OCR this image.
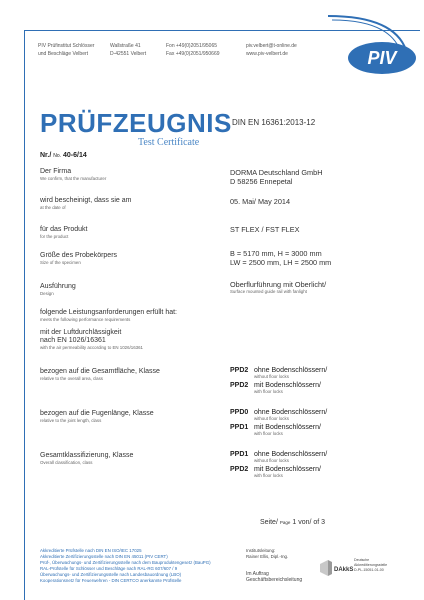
PIV Prüfinstitut Schlösser
und Beschläge Velbert
Wallstraße 41
D-42551 Velbert
Fon +49(0)2051/95065
Fax +49(0)2051/950669
piv.velbert@t-online.de
www.piv-velbert.de	PIV
PRÜFZEUGNIS DIN EN 16361:2013-12
Test Certificate
Nr./ No. 40-6/14
Der Firma
We confirm, that the manufacturer
DORMA Deutschland GmbH
D 58256 Ennepetal
wird bescheinigt, dass sie am
at the date of
05. Mai/ May 2014
für das Produkt
for the product
ST FLEX / FST FLEX
Größe des Probekörpers
Size of the specimen
B = 5170 mm, H = 3000 mm
LW = 2500 mm, LH = 2500 mm
Ausführung
Design
Oberflurführung mit Oberlicht/
Surface mounted guide rail with fanlight
folgende Leistungsanforderungen erfüllt hat:
meets the following performance requirements
mit der Luftdurchlässigkeit
nach EN 1026/16361
with the air permeability according to EN 1026/16361
bezogen auf die Gesamtfläche, Klasse
relative to the overall area, class
PPD2 ohne Bodenschlössern/
without floor locks
PPD2 mit Bodenschlössern/
with floor locks
bezogen auf die Fugenlänge, Klasse
relative to the joint length, class
PPD0 ohne Bodenschlössern/
without floor locks
PPD1 mit Bodenschlössern/
with floor locks
Gesamtklassifizierung, Klasse
Overall classification, class
PPD1 ohne Bodenschlössern/
without floor locks
PPD2 mit Bodenschlössern/
with floor locks
Seite/ Page 1 von/ of 3
Akkreditierte Prüfstelle nach DIN EN ISO/IEC 17025
Akkreditierte Zertifizierungsstelle nach DIN EN 45011 (PIV CERT)
Prüf-, Überwachungs- und Zertifizierungsstelle nach dem Bauproduktengesetz (BauPG)
RAL-Prüfstelle für Schlösser und Beschläge nach RAL-RG 607/607 / 9
Überwachungs- und Zertifizierungsstelle nach Landesbauordnung (LBO)
Kooperationsnetz für Feuerwehren - DIN CERTCO anerkannte Prüfstelle
Institutsleitung:
Rainer Ellis, Dipl.-Ing.
Im Auftrag
Geschäftsbereichsleitung
DAkkS
Deutsche
Akkreditierungsstelle
D-PL-15051-01-00
